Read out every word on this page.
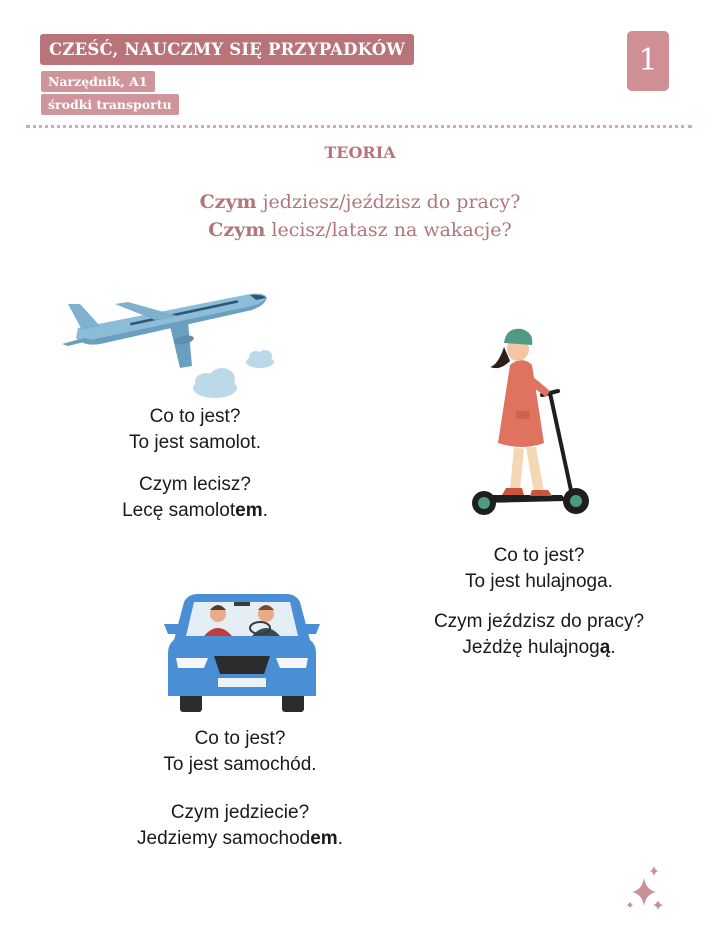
CZEŚĆ, NAUCZMY SIĘ PRZYPADKÓW
Narzędnik, A1
środki transportu
1
TEORIA
Czym jedziesz/jeździsz do pracy?
Czym lecisz/latasz na wakacje?
Co to jest?
To jest samolot.
Czym lecisz?
Lecę samolotem.
Co to jest?
To jest hulajnoga.
Czym jeździsz do pracy?
Jeżdżę hulajnogą.
Co to jest?
To jest samochód.
Czym jedziecie?
Jedziemy samochodem.
